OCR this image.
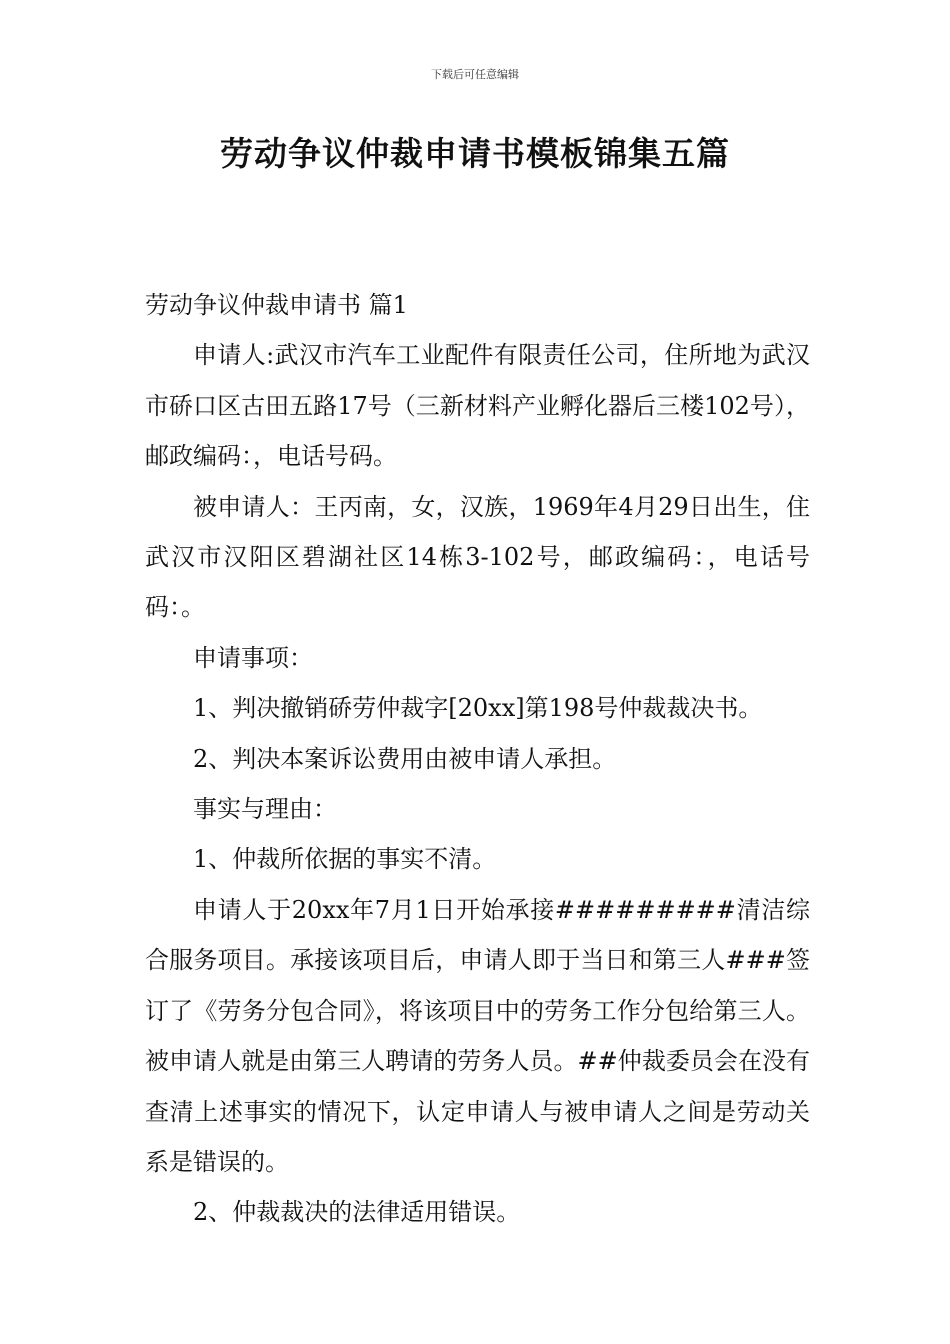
下载后可任意编辑
劳动争议仲裁申请书模板锦集五篇

劳动争议仲裁申请书 篇1

申请人:武汉市汽车工业配件有限责任公司，住所地为武汉市硚口区古田五路17号（三新材料产业孵化器后三楼102号），邮政编码：，电话号码。

被申请人：王丙南，女，汉族，1969年4月29日出生，住武汉市汉阳区碧湖社区14栋3-102号，邮政编码：，电话号码：。

申请事项：

1、判决撤销硚劳仲裁字[20xx]第198号仲裁裁决书。

2、判决本案诉讼费用由被申请人承担。

事实与理由：

1、仲裁所依据的事实不清。

申请人于20xx年7月1日开始承接#########清洁综合服务项目。承接该项目后，申请人即于当日和第三人###签订了《劳务分包合同》，将该项目中的劳务工作分包给第三人。被申请人就是由第三人聘请的劳务人员。##仲裁委员会在没有查清上述事实的情况下，认定申请人与被申请人之间是劳动关系是错误的。

2、仲裁裁决的法律适用错误。
